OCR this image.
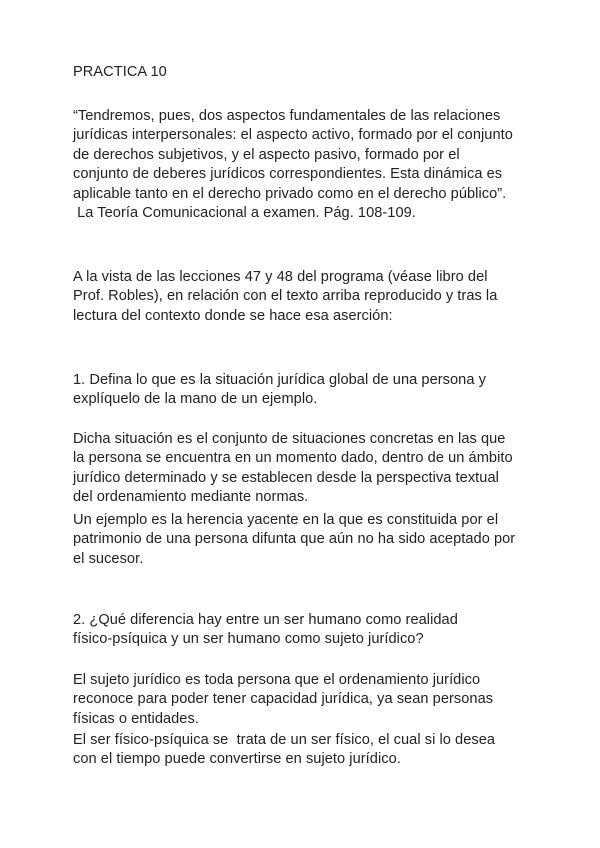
PRACTICA 10
“Tendremos, pues, dos aspectos fundamentales de las relaciones
jurídicas interpersonales: el aspecto activo, formado por el conjunto
de derechos subjetivos, y el aspecto pasivo, formado por el
conjunto de deberes jurídicos correspondientes. Esta dinámica es
aplicable tanto en el derecho privado como en el derecho público”.
La Teoría Comunicacional a examen. Pág. 108-109.
A la vista de las lecciones 47 y 48 del programa (véase libro del
Prof. Robles), en relación con el texto arriba reproducido y tras la
lectura del contexto donde se hace esa aserción:
1. Defina lo que es la situación jurídica global de una persona y
explíquelo de la mano de un ejemplo.
Dicha situación es el conjunto de situaciones concretas en las que
la persona se encuentra en un momento dado, dentro de un ámbito
jurídico determinado y se establecen desde la perspectiva textual
del ordenamiento mediante normas.
Un ejemplo es la herencia yacente en la que es constituida por el
patrimonio de una persona difunta que aún no ha sido aceptado por
el sucesor.
2. ¿Qué diferencia hay entre un ser humano como realidad
físico-psíquica y un ser humano como sujeto jurídico?
El sujeto jurídico es toda persona que el ordenamiento jurídico
reconoce para poder tener capacidad jurídica, ya sean personas
físicas o entidades.
El ser físico-psíquica se  trata de un ser físico, el cual si lo desea
con el tiempo puede convertirse en sujeto jurídico.
